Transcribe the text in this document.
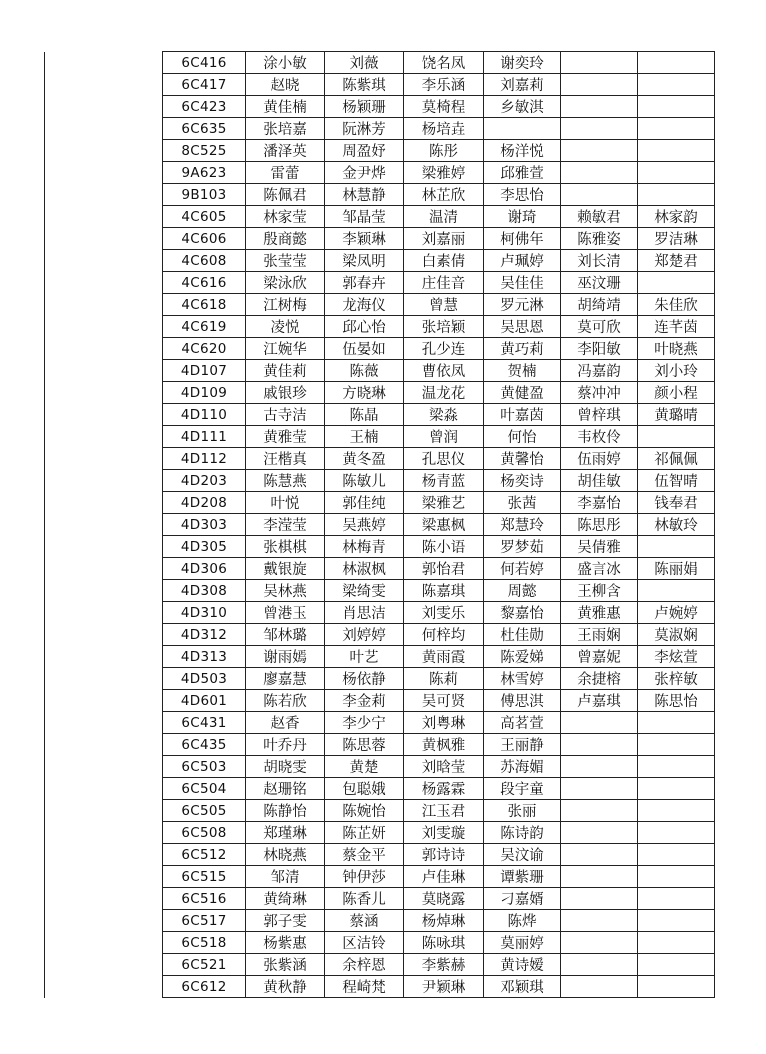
	6C416	涂小敏	刘薇	饶名凤	谢奕玲		
	6C417	赵晓	陈紫琪	李乐涵	刘嘉莉		
	6C423	黄佳楠	杨颖珊	莫椅程	乡敏淇		
	6C635	张培嘉	阮淋芳	杨培垚			
	8C525	潘泽英	周盈妤	陈彤	杨洋悦		
	9A623	雷蕾	金尹烨	梁雅婷	邱雅萱		
	9B103	陈佩君	林慧静	林芷欣	李思怡		
	4C605	林家莹	邹晶莹	温清	谢琦	赖敏君	林家韵
	4C606	殷商懿	李颖琳	刘嘉丽	柯佛年	陈雅姿	罗洁琳
	4C608	张莹莹	梁凤明	白素倩	卢珮婷	刘长清	郑楚君
	4C616	梁泳欣	郭春卉	庄佳音	吴佳佳	巫汶珊	
	4C618	江树梅	龙海仪	曾慧	罗元淋	胡绮靖	朱佳欣
	4C619	凌悦	邱心怡	张培颖	吴思恩	莫可欣	连芊茵
	4C620	江婉华	伍晏如	孔少连	黄巧莉	李阳敏	叶晓燕
	4D107	黄佳莉	陈薇	曹依凤	贺楠	冯嘉韵	刘小玲
	4D109	戚银珍	方晓琳	温龙花	黄健盈	蔡冲冲	颜小程
	4D110	古寺洁	陈晶	梁淼	叶嘉茵	曾梓琪	黄璐晴
	4D111	黄雅莹	王楠	曾润	何怡	韦枚伶	
	4D112	汪楷真	黄冬盈	孔思仪	黄馨怡	伍雨婷	祁佩佩
	4D203	陈慧燕	陈敏儿	杨青蓝	杨奕诗	胡佳敏	伍智晴
	4D208	叶悦	郭佳纯	梁雅艺	张茜	李嘉怡	钱奉君
	4D303	李滢莹	吴燕婷	梁惠枫	郑慧玲	陈思彤	林敏玲
	4D305	张棋棋	林梅青	陈小语	罗梦茹	吴倩雅	
	4D306	戴银旋	林淑枫	郭怡君	何若婷	盛言冰	陈丽娟
	4D308	吴林燕	梁绮雯	陈嘉琪	周懿	王柳含	
	4D310	曾港玉	肖思洁	刘雯乐	黎嘉怡	黄雅惠	卢婉婷
	4D312	邹林璐	刘婷婷	何梓均	杜佳勋	王雨娴	莫淑娴
	4D313	谢雨嫣	叶艺	黄雨霞	陈爱娣	曾嘉妮	李炫萱
	4D503	廖嘉慧	杨依静	陈莉	林雪婷	余捷榕	张梓敏
	4D601	陈若欣	李金莉	吴可贤	傅思淇	卢嘉琪	陈思怡
	6C431	赵香	李少宁	刘粤琳	高茗萱		
	6C435	叶乔丹	陈思蓉	黄枫雅	王丽静		
	6C503	胡晓雯	黄楚	刘晗莹	苏海媚		
	6C504	赵珊铭	包聪娥	杨露霖	段宇童		
	6C505	陈静怡	陈婉怡	江玉君	张丽		
	6C508	郑瑾琳	陈芷妍	刘雯璇	陈诗韵		
	6C512	林晓燕	蔡金平	郭诗诗	吴汶谕		
	6C515	邹清	钟伊莎	卢佳琳	谭紫珊		
	6C516	黄绮琳	陈香儿	莫晓露	刁嘉婿		
	6C517	郭子雯	蔡涵	杨焯琳	陈烨		
	6C518	杨紫惠	区洁铃	陈咏琪	莫丽婷		
	6C521	张紫涵	余梓恩	李紫赫	黄诗嫒		
	6C612	黄秋静	程崎梵	尹颖琳	邓颖琪		
